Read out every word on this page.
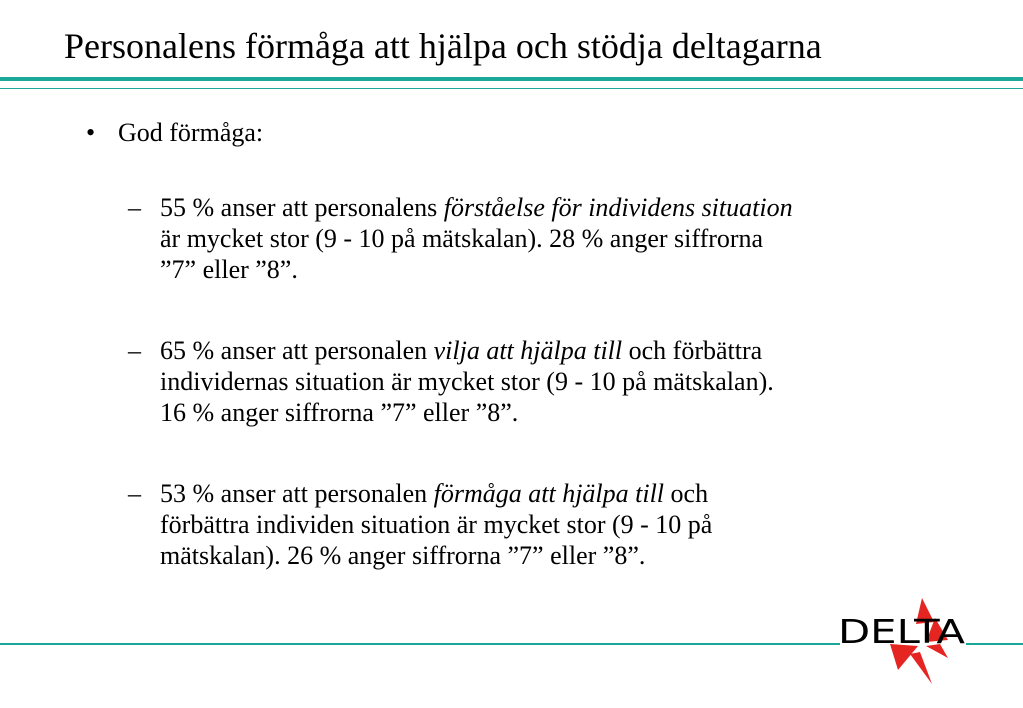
Personalens förmåga att hjälpa och stödja deltagarna
• God förmåga:
– 55 % anser att personalens förståelse för individens situation
är mycket stor (9 - 10 på mätskalan). 28 % anger siffrorna
”7” eller ”8”.
– 65 % anser att personalen vilja att hjälpa till och förbättra
individernas situation är mycket stor (9 - 10 på mätskalan).
16 % anger siffrorna ”7” eller ”8”.
– 53 % anser att personalen förmåga att hjälpa till och
förbättra individen situation är mycket stor (9 - 10 på
mätskalan). 26 % anger siffrorna ”7” eller ”8”.
DELTA
